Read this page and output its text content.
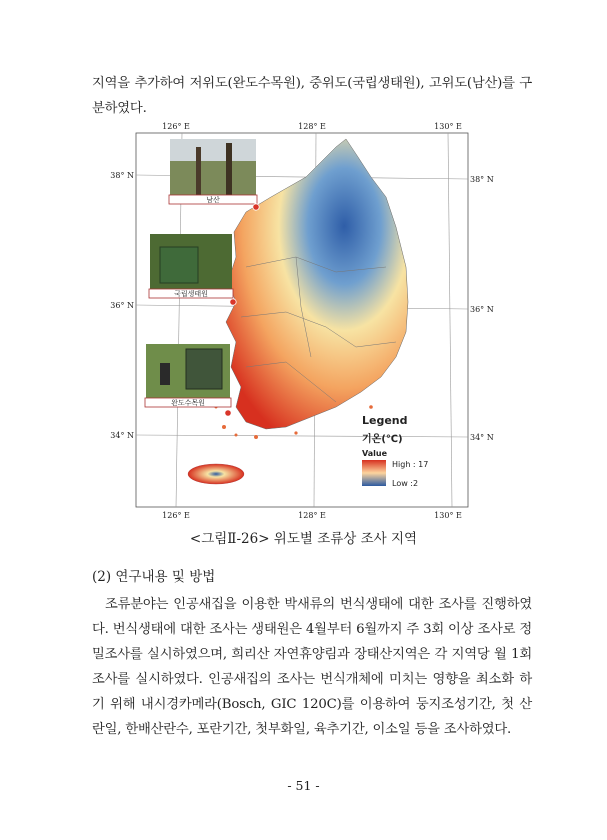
지역을 추가하여 저위도(완도수목원), 중위도(국립생태원), 고위도(남산)를 구분하였다.

남산
국립생태원
완도수목원
126° E	128° E	130° E
126° E	128° E	130° E
38° N
36° N
34° N
38° N
36° N
34° N
Legend
기온(℃)
Value
High : 17
Low :2
<그림Ⅱ-26> 위도별 조류상 조사 지역
(2) 연구내용 및 방법

조류분야는 인공새집을 이용한 박새류의 번식생태에 대한 조사를 진행하였다. 번식생태에 대한 조사는 생태원은 4월부터 6월까지 주 3회 이상 조사로 정밀조사를 실시하였으며, 희리산 자연휴양림과 장태산지역은 각 지역당 월 1회 조사를 실시하였다. 인공새집의 조사는 번식개체에 미치는 영향을 최소화 하기 위해 내시경카메라(Bosch, GIC 120C)를 이용하여 둥지조성기간, 첫 산란일, 한배산란수, 포란기간, 첫부화일, 육추기간, 이소일 등을 조사하였다.

- 51 -
